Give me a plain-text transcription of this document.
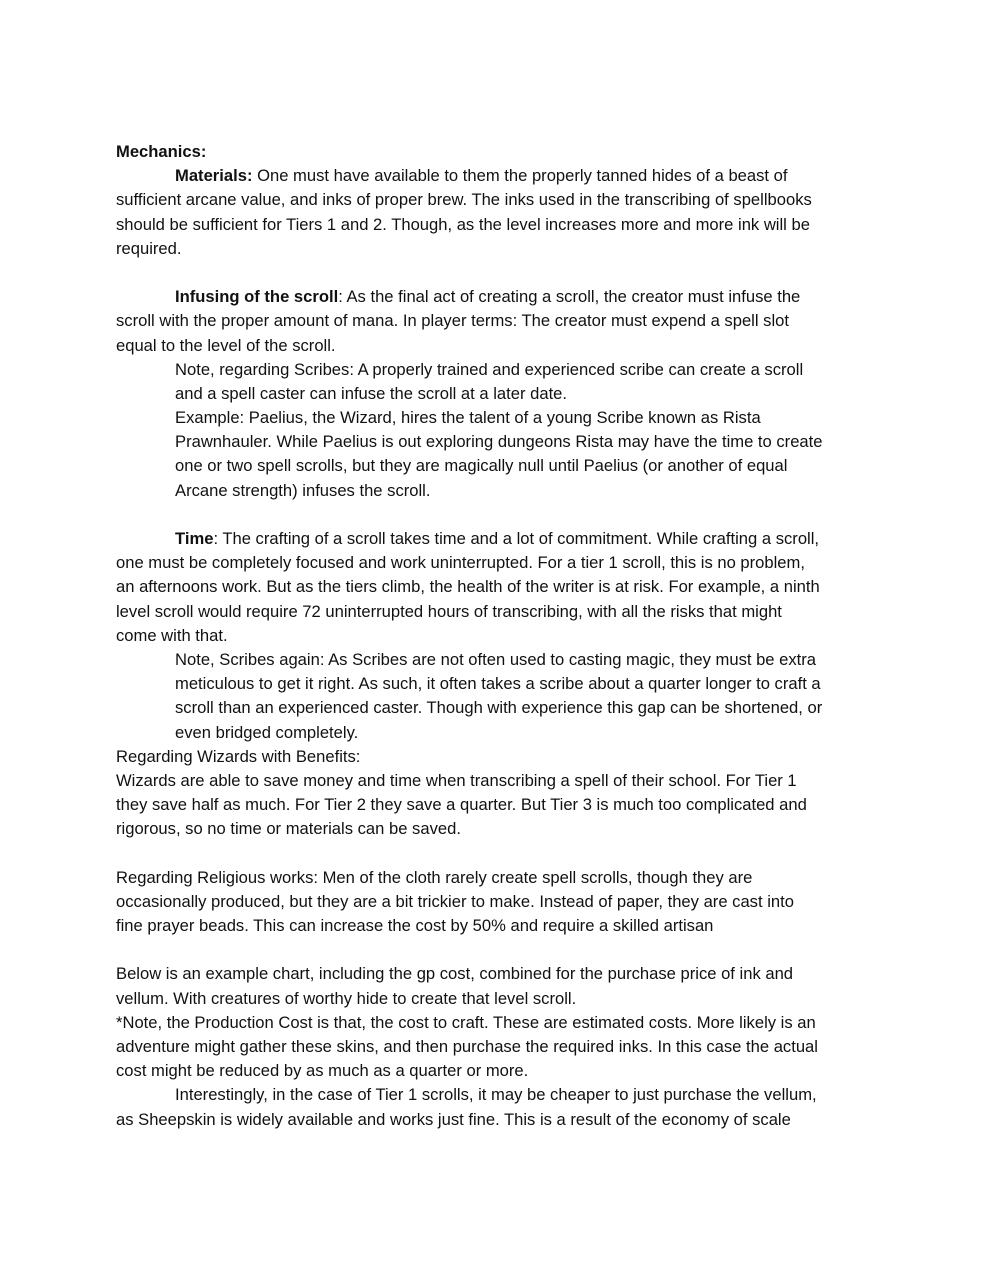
Mechanics:
Materials: One must have available to them the properly tanned hides of a beast of
sufficient arcane value, and inks of proper brew. The inks used in the transcribing of spellbooks
should be sufficient for Tiers 1 and 2. Though, as the level increases more and more ink will be
required.
Infusing of the scroll: As the final act of creating a scroll, the creator must infuse the
scroll with the proper amount of mana. In player terms: The creator must expend a spell slot
equal to the level of the scroll.
Note, regarding Scribes: A properly trained and experienced scribe can create a scroll
and a spell caster can infuse the scroll at a later date.
Example: Paelius, the Wizard, hires the talent of a young Scribe known as Rista
Prawnhauler. While Paelius is out exploring dungeons Rista may have the time to create
one or two spell scrolls, but they are magically null until Paelius (or another of equal
Arcane strength) infuses the scroll.
Time: The crafting of a scroll takes time and a lot of commitment. While crafting a scroll,
one must be completely focused and work uninterrupted. For a tier 1 scroll, this is no problem,
an afternoons work. But as the tiers climb, the health of the writer is at risk. For example, a ninth
level scroll would require 72 uninterrupted hours of transcribing, with all the risks that might
come with that.
Note, Scribes again: As Scribes are not often used to casting magic, they must be extra
meticulous to get it right. As such, it often takes a scribe about a quarter longer to craft a
scroll than an experienced caster. Though with experience this gap can be shortened, or
even bridged completely.
Regarding Wizards with Benefits:
Wizards are able to save money and time when transcribing a spell of their school. For Tier 1
they save half as much. For Tier 2 they save a quarter. But Tier 3 is much too complicated and
rigorous, so no time or materials can be saved.
Regarding Religious works: Men of the cloth rarely create spell scrolls, though they are
occasionally produced, but they are a bit trickier to make. Instead of paper, they are cast into
fine prayer beads. This can increase the cost by 50% and require a skilled artisan
Below is an example chart, including the gp cost, combined for the purchase price of ink and
vellum. With creatures of worthy hide to create that level scroll.
*Note, the Production Cost is that, the cost to craft. These are estimated costs. More likely is an
adventure might gather these skins, and then purchase the required inks. In this case the actual
cost might be reduced by as much as a quarter or more.
Interestingly, in the case of Tier 1 scrolls, it may be cheaper to just purchase the vellum,
as Sheepskin is widely available and works just fine. This is a result of the economy of scale
